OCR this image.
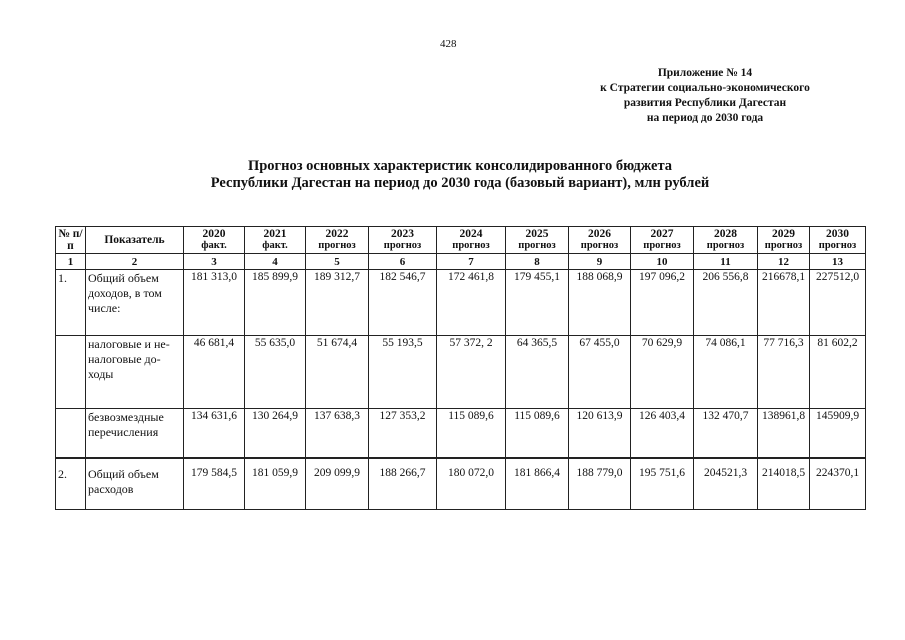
428
Приложение № 14
к Стратегии социально-экономического
развития Республики Дагестан
на период до 2030 года
Прогноз основных характеристик консолидированного бюджета
Республики Дагестан на период до 2030 года (базовый вариант), млн рублей
№ п/п	Показатель	2020	2021	2022	2023	2024	2025	2026	2027	2028	2029	2030
		факт.	факт.	прогноз	прогноз	прогноз	прогноз	прогноз	прогноз	прогноз	прогноз	прогноз
1	2	3	4	5	6	7	8	9	10	11	12	13
1.	Общий объем доходов, в том числе:	181 313,0	185 899,9	189 312,7	182 546,7	172 461,8	179 455,1	188 068,9	197 096,2	206 556,8	216678,1	227512,0
	налоговые и не-налоговые до-ходы	46 681,4	55 635,0	51 674,4	55 193,5	57 372, 2	64 365,5	67 455,0	70 629,9	74 086,1	77 716,3	81 602,2
	безвозмездные перечисления	134 631,6	130 264,9	137 638,3	127 353,2	115 089,6	115 089,6	120 613,9	126 403,4	132 470,7	138961,8	145909,9
2.	Общий объем расходов	179 584,5	181 059,9	209 099,9	188 266,7	180 072,0	181 866,4	188 779,0	195 751,6	204521,3	214018,5	224370,1
